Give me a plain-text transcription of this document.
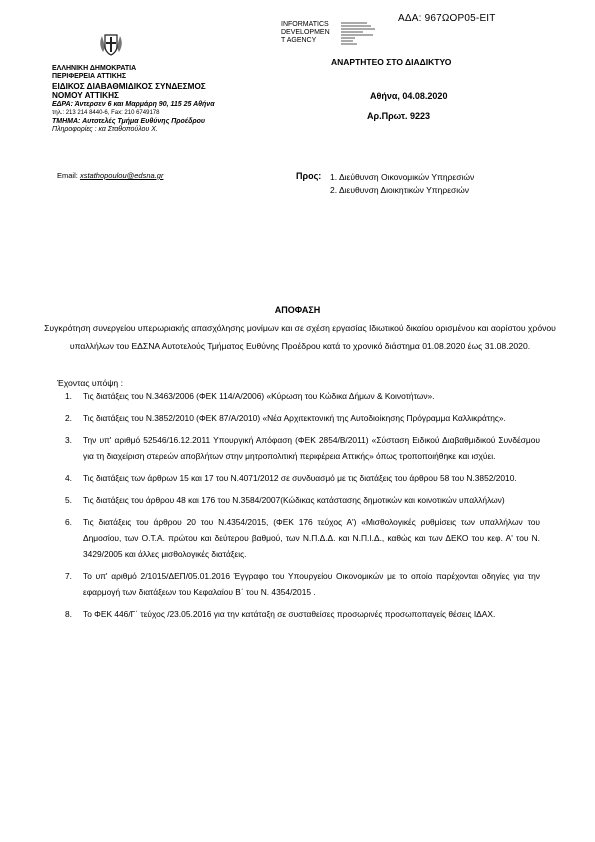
ΑΔΑ: 967ΩΟΡ05-ΕΙΤ
INFORMATICS
DEVELOPMEN
T AGENCY
ΑΝΑΡΤΗΤΕΟ ΣΤΟ ΔΙΑΔΙΚΤΥΟ
ΕΛΛΗΝΙΚΗ ΔΗΜΟΚΡΑΤΙΑ
ΠΕΡΙΦΕΡΕΙΑ ΑΤΤΙΚΗΣ
ΕΙΔΙΚΟΣ ΔΙΑΒΑΘΜΙΔΙΚΟΣ ΣΥΝΔΕΣΜΟΣ
ΝΟΜΟΥ ΑΤΤΙΚΗΣ
ΕΔΡΑ: Άντερσεν 6 και Μαρμάρη 90, 115 25 Αθήνα
τηλ.: 213 214 8440-6, Fax: 210 6749178
ΤΜΗΜΑ: Αυτοτελές Τμήμα Ευθύνης Προέδρου
Πληροφορίες : κα Σταθοπούλου Χ.
Αθήνα, 04.08.2020
Αρ.Πρωτ. 9223
Email: xstathopoulou@edsna.gr	Προς: 1. Διεύθυνση Οικονομικών Υπηρεσιών
2. Διευθυνση Διοικητικών Υπηρεσιών
ΑΠΟΦΑΣΗ
Συγκρότηση συνεργείου υπερωριακής απασχόλησης μονίμων και σε σχέση εργασίας Ιδιωτικού δικαίου ορισμένου και αορίστου χρόνου υπαλλήλων του ΕΔΣΝΑ Αυτοτελούς Τμήματος Ευθύνης Προέδρου κατά το χρονικό διάστημα 01.08.2020 έως 31.08.2020.
Έχοντας υπόψη :
1. Τις διατάξεις του Ν.3463/2006 (ΦΕΚ 114/Α/2006) «Κύρωση του Κώδικα Δήμων & Κοινοτήτων».
2. Τις διατάξεις του Ν.3852/2010 (ΦΕΚ 87/Α/2010) «Νέα Αρχιτεκτονική της Αυτοδιοίκησης Πρόγραμμα Καλλικράτης».
3. Την υπ' αριθμό 52546/16.12.2011 Υπουργική Απόφαση (ΦΕΚ 2854/Β/2011) «Σύσταση Ειδικού Διαβαθμιδικού Συνδέσμου για τη διαχείριση στερεών αποβλήτων στην μητροπολιτική περιφέρεια Αττικής» όπως τροποποιήθηκε και ισχύει.
4. Τις διατάξεις των άρθρων 15 και 17 του Ν.4071/2012 σε συνδυασμό με τις διατάξεις του άρθρου 58 του Ν.3852/2010.
5. Τις διατάξεις του άρθρου 48 και 176 του Ν.3584/2007(Κώδικας κατάστασης δημοτικών και κοινοτικών υπαλλήλων)
6. Τις διατάξεις του άρθρου 20 του Ν.4354/2015, (ΦΕΚ 176 τεύχος Α') «Μισθολογικές ρυθμίσεις των υπαλλήλων του Δημοσίου, των Ο.Τ.Α. πρώτου και δεύτερου βαθμού, των Ν.Π.Δ.Δ. και Ν.Π.Ι.Δ., καθώς και των ΔΕΚΟ του κεφ. Α' του Ν. 3429/2005 και άλλες μισθολογικές διατάξεις.
7. Το υπ' αριθμό 2/1015/ΔΕΠ/05.01.2016 Έγγραφο του Υπουργείου Οικονομικών με το οποίο παρέχονται οδηγίες για την εφαρμογή των διατάξεων του Κεφαλαίου Β΄ του Ν. 4354/2015 .
8. Το ΦΕΚ 446/Γ΄ τεύχος /23.05.2016 για την κατάταξη σε συσταθείσες προσωρινές προσωποπαγείς θέσεις ΙΔΑΧ.
